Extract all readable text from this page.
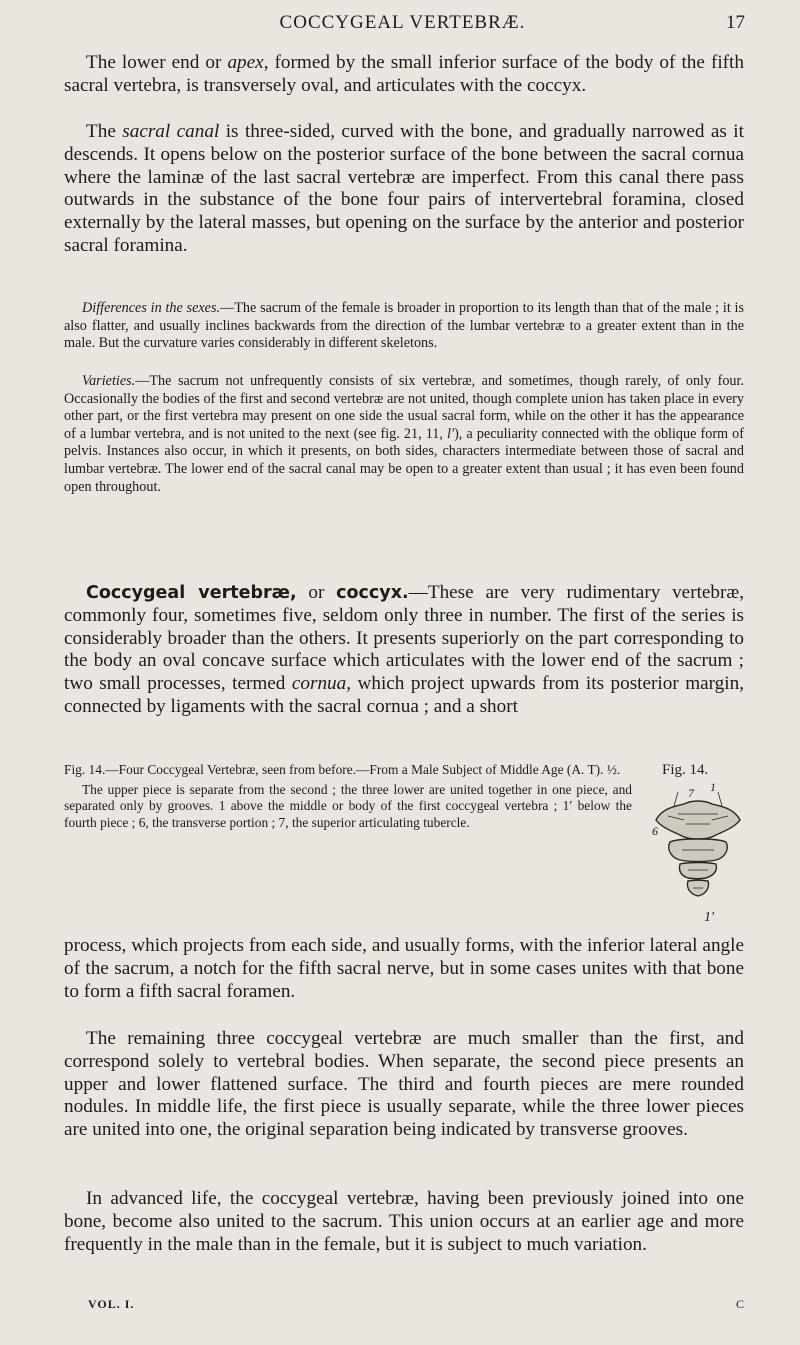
COCCYGEAL VERTEBRÆ.	17

The lower end or apex, formed by the small inferior surface of the body of the fifth sacral vertebra, is transversely oval, and articulates with the coccyx.

The sacral canal is three-sided, curved with the bone, and gradually narrowed as it descends. It opens below on the posterior surface of the bone between the sacral cornua where the laminæ of the last sacral vertebræ are imperfect. From this canal there pass outwards in the substance of the bone four pairs of intervertebral foramina, closed externally by the lateral masses, but opening on the surface by the anterior and posterior sacral foramina.

Differences in the sexes.—The sacrum of the female is broader in proportion to its length than that of the male ; it is also flatter, and usually inclines backwards from the direction of the lumbar vertebræ to a greater extent than in the male. But the curvature varies considerably in different skeletons.

Varieties.—The sacrum not unfrequently consists of six vertebræ, and sometimes, though rarely, of only four. Occasionally the bodies of the first and second vertebræ are not united, though complete union has taken place in every other part, or the first vertebra may present on one side the usual sacral form, while on the other it has the appearance of a lumbar vertebra, and is not united to the next (see fig. 21, 11, l′), a peculiarity connected with the oblique form of pelvis. Instances also occur, in which it presents, on both sides, characters intermediate between those of sacral and lumbar vertebræ. The lower end of the sacral canal may be open to a greater extent than usual ; it has even been found open throughout.

Coccygeal vertebræ, or coccyx.—These are very rudimentary vertebræ, commonly four, sometimes five, seldom only three in number. The first of the series is considerably broader than the others. It presents superiorly on the part corresponding to the body an oval concave surface which articulates with the lower end of the sacrum ; two small processes, termed cornua, which project upwards from its posterior margin, connected by ligaments with the sacral cornua ; and a short

Fig. 14.—Four Coccygeal Vertebræ, seen from before.—From a Male Subject of Middle Age (A. T). ½.

The upper piece is separate from the second ; the three lower are united together in one piece, and separated only by grooves. 1 above the middle or body of the first coccygeal vertebra ; 1′ below the fourth piece ; 6, the transverse portion ; 7, the superior articulating tubercle.

Fig. 14.
7 1
6
1′

process, which projects from each side, and usually forms, with the inferior lateral angle of the sacrum, a notch for the fifth sacral nerve, but in some cases unites with that bone to form a fifth sacral foramen.

The remaining three coccygeal vertebræ are much smaller than the first, and correspond solely to vertebral bodies. When separate, the second piece presents an upper and lower flattened surface. The third and fourth pieces are mere rounded nodules. In middle life, the first piece is usually separate, while the three lower pieces are united into one, the original separation being indicated by transverse grooves.

In advanced life, the coccygeal vertebræ, having been previously joined into one bone, become also united to the sacrum. This union occurs at an earlier age and more frequently in the male than in the female, but it is subject to much variation.

VOL. I.	C
